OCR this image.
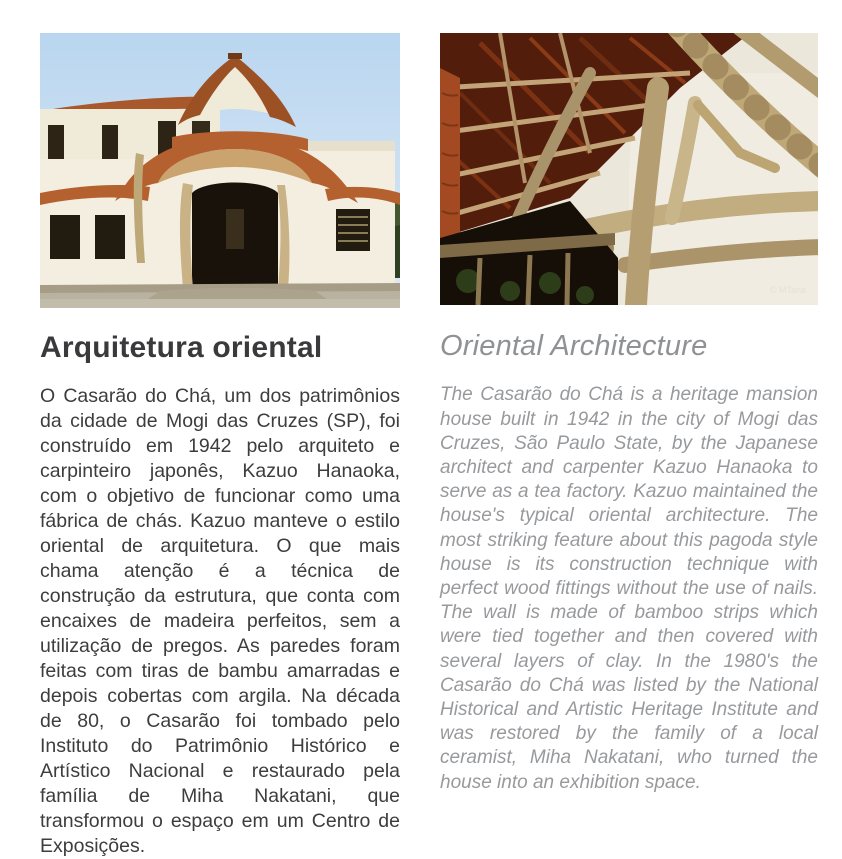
Arquitetura oriental

O Casarão do Chá, um dos patrimônios da cidade de Mogi das Cruzes (SP), foi construído em 1942 pelo arquiteto e carpinteiro japonês, Kazuo Hanaoka, com o objetivo de funcionar como uma fábrica de chás. Kazuo manteve o estilo oriental de arquitetura. O que mais chama atenção é a técnica de construção da estrutura, que conta com encaixes de madeira perfeitos, sem a utilização de pregos. As paredes foram feitas com tiras de bambu amarradas e depois cobertas com argila. Na década de 80, o Casarão foi tombado pelo Instituto do Patrimônio Histórico e Artístico Nacional e restaurado pela família de Miha Nakatani, que transformou o espaço em um Centro de Exposições.

© MTana
Oriental Architecture

The Casarão do Chá is a heritage mansion house built in 1942 in the city of Mogi das Cruzes, São Paulo State, by the Japanese architect and carpenter Kazuo Hanaoka to serve as a tea factory. Kazuo maintained the house's typical oriental architecture. The most striking feature about this pagoda style house is its construction technique with perfect wood fittings without the use of nails. The wall is made of bamboo strips which were tied together and then covered with several layers of clay. In the 1980's the Casarão do Chá was listed by the National Historical and Artistic Heritage Institute and was restored by the family of a local ceramist, Miha Nakatani, who turned the house into an exhibition space.
